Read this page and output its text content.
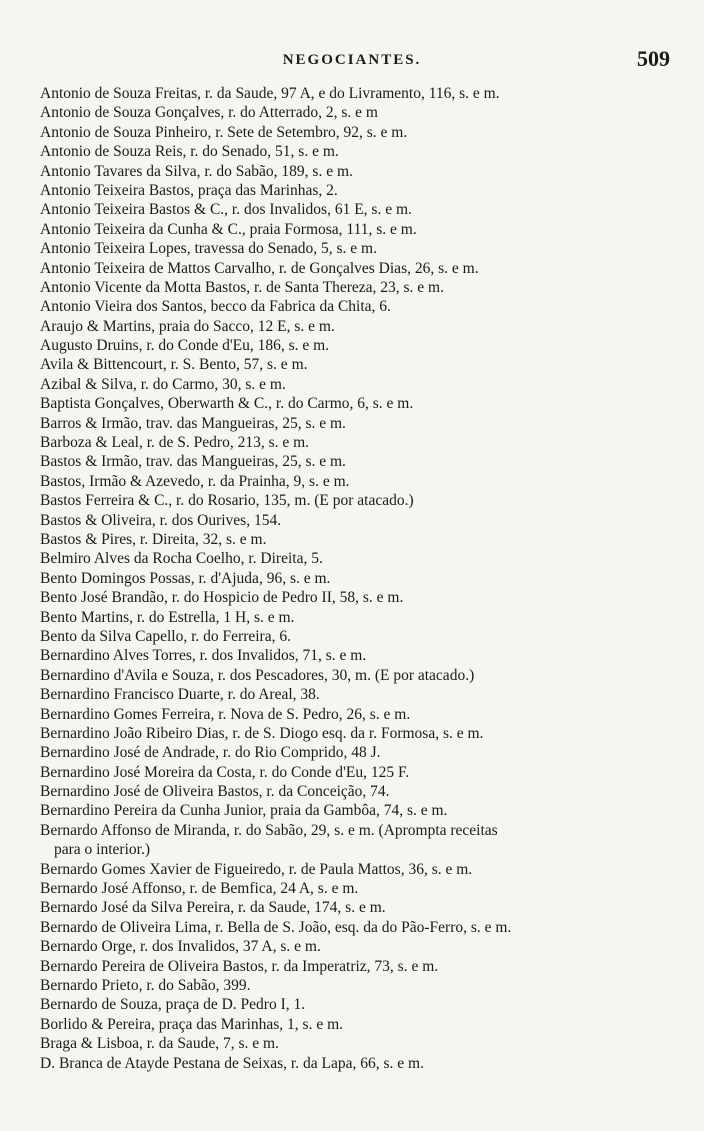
NEGOCIANTES.	509
Antonio de Souza Freitas, r. da Saude, 97 A, e do Livramento, 116, s. e m.
Antonio de Souza Gonçalves, r. do Atterrado, 2, s. e m
Antonio de Souza Pinheiro, r. Sete de Setembro, 92, s. e m.
Antonio de Souza Reis, r. do Senado, 51, s. e m.
Antonio Tavares da Silva, r. do Sabão, 189, s. e m.
Antonio Teixeira Bastos, praça das Marinhas, 2.
Antonio Teixeira Bastos & C., r. dos Invalidos, 61 E, s. e m.
Antonio Teixeira da Cunha & C., praia Formosa, 111, s. e m.
Antonio Teixeira Lopes, travessa do Senado, 5, s. e m.
Antonio Teixeira de Mattos Carvalho, r. de Gonçalves Dias, 26, s. e m.
Antonio Vicente da Motta Bastos, r. de Santa Thereza, 23, s. e m.
Antonio Vieira dos Santos, becco da Fabrica da Chita, 6.
Araujo & Martins, praia do Sacco, 12 E, s. e m.
Augusto Druins, r. do Conde d'Eu, 186, s. e m.
Avila & Bittencourt, r. S. Bento, 57, s. e m.
Azibal & Silva, r. do Carmo, 30, s. e m.
Baptista Gonçalves, Oberwarth & C., r. do Carmo, 6, s. e m.
Barros & Irmão, trav. das Mangueiras, 25, s. e m.
Barboza & Leal, r. de S. Pedro, 213, s. e m.
Bastos & Irmão, trav. das Mangueiras, 25, s. e m.
Bastos, Irmão & Azevedo, r. da Prainha, 9, s. e m.
Bastos Ferreira & C., r. do Rosario, 135, m. (E por atacado.)
Bastos & Oliveira, r. dos Ourives, 154.
Bastos & Pires, r. Direita, 32, s. e m.
Belmiro Alves da Rocha Coelho, r. Direita, 5.
Bento Domingos Possas, r. d'Ajuda, 96, s. e m.
Bento José Brandão, r. do Hospicio de Pedro II, 58, s. e m.
Bento Martins, r. do Estrella, 1 H, s. e m.
Bento da Silva Capello, r. do Ferreira, 6.
Bernardino Alves Torres, r. dos Invalidos, 71, s. e m.
Bernardino d'Avila e Souza, r. dos Pescadores, 30, m. (E por atacado.)
Bernardino Francisco Duarte, r. do Areal, 38.
Bernardino Gomes Ferreira, r. Nova de S. Pedro, 26, s. e m.
Bernardino João Ribeiro Dias, r. de S. Diogo esq. da r. Formosa, s. e m.
Bernardino José de Andrade, r. do Rio Comprido, 48 J.
Bernardino José Moreira da Costa, r. do Conde d'Eu, 125 F.
Bernardino José de Oliveira Bastos, r. da Conceição, 74.
Bernardino Pereira da Cunha Junior, praia da Gambôa, 74, s. e m.
Bernardo Affonso de Miranda, r. do Sabão, 29, s. e m. (Apromptа receitas
para o interior.)
Bernardo Gomes Xavier de Figueiredo, r. de Paula Mattos, 36, s. e m.
Bernardo José Affonso, r. de Bemfica, 24 A, s. e m.
Bernardo José da Silva Pereira, r. da Saude, 174, s. e m.
Bernardo de Oliveira Lima, r. Bella de S. João, esq. da do Pão-Ferro, s. e m.
Bernardo Orge, r. dos Invalidos, 37 A, s. e m.
Bernardo Pereira de Oliveira Bastos, r. da Imperatriz, 73, s. e m.
Bernardo Prieto, r. do Sabão, 399.
Bernardo de Souza, praça de D. Pedro I, 1.
Borlido & Pereira, praça das Marinhas, 1, s. e m.
Braga & Lisboa, r. da Saude, 7, s. e m.
D. Branca de Atayde Pestana de Seixas, r. da Lapa, 66, s. e m.
